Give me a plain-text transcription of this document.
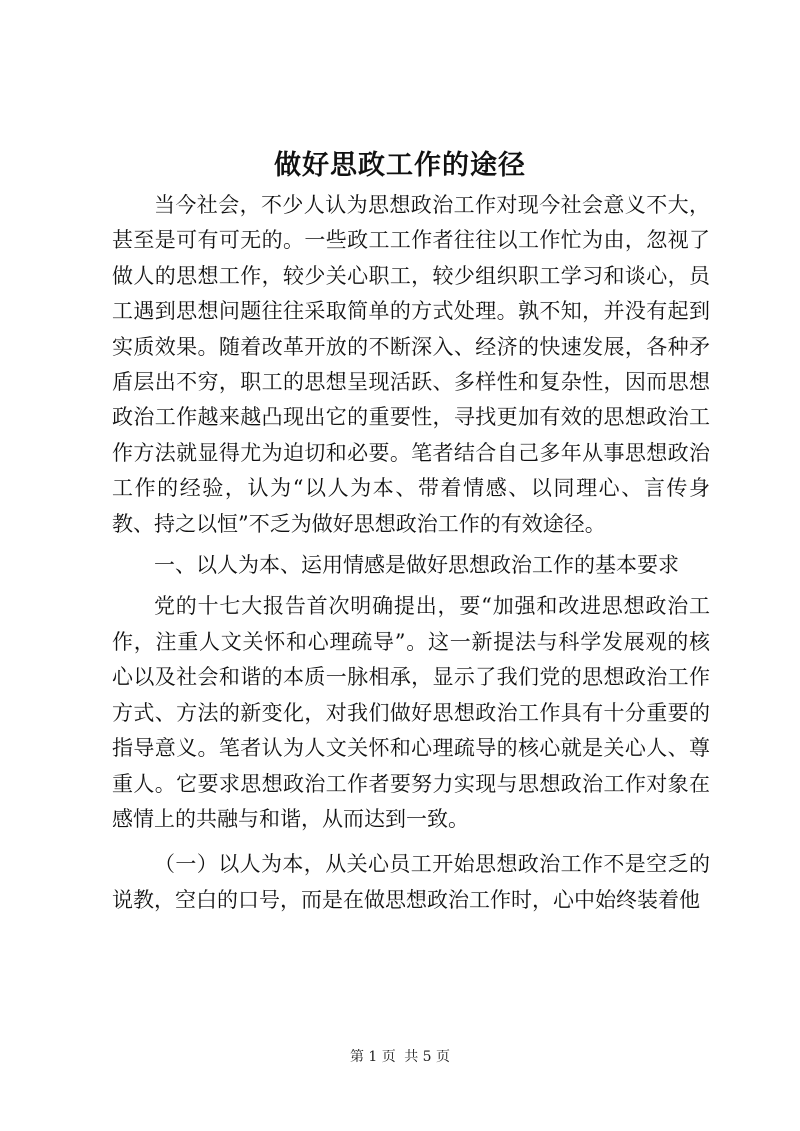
做好思政工作的途径

当今社会，不少人认为思想政治工作对现今社会意义不大，甚至是可有可无的。一些政工工作者往往以工作忙为由，忽视了做人的思想工作，较少关心职工，较少组织职工学习和谈心，员工遇到思想问题往往采取简单的方式处理。孰不知，并没有起到实质效果。随着改革开放的不断深入、经济的快速发展，各种矛盾层出不穷，职工的思想呈现活跃、多样性和复杂性，因而思想政治工作越来越凸现出它的重要性，寻找更加有效的思想政治工作方法就显得尤为迫切和必要。笔者结合自己多年从事思想政治工作的经验，认为“以人为本、带着情感、以同理心、言传身教、持之以恒”不乏为做好思想政治工作的有效途径。

一、以人为本、运用情感是做好思想政治工作的基本要求

党的十七大报告首次明确提出，要“加强和改进思想政治工作，注重人文关怀和心理疏导”。这一新提法与科学发展观的核心以及社会和谐的本质一脉相承，显示了我们党的思想政治工作方式、方法的新变化，对我们做好思想政治工作具有十分重要的指导意义。笔者认为人文关怀和心理疏导的核心就是关心人、尊重人。它要求思想政治工作者要努力实现与思想政治工作对象在感情上的共融与和谐，从而达到一致。

（一）以人为本，从关心员工开始思想政治工作不是空乏的说教，空白的口号，而是在做思想政治工作时，心中始终装着他

第 1 页 共 5 页
